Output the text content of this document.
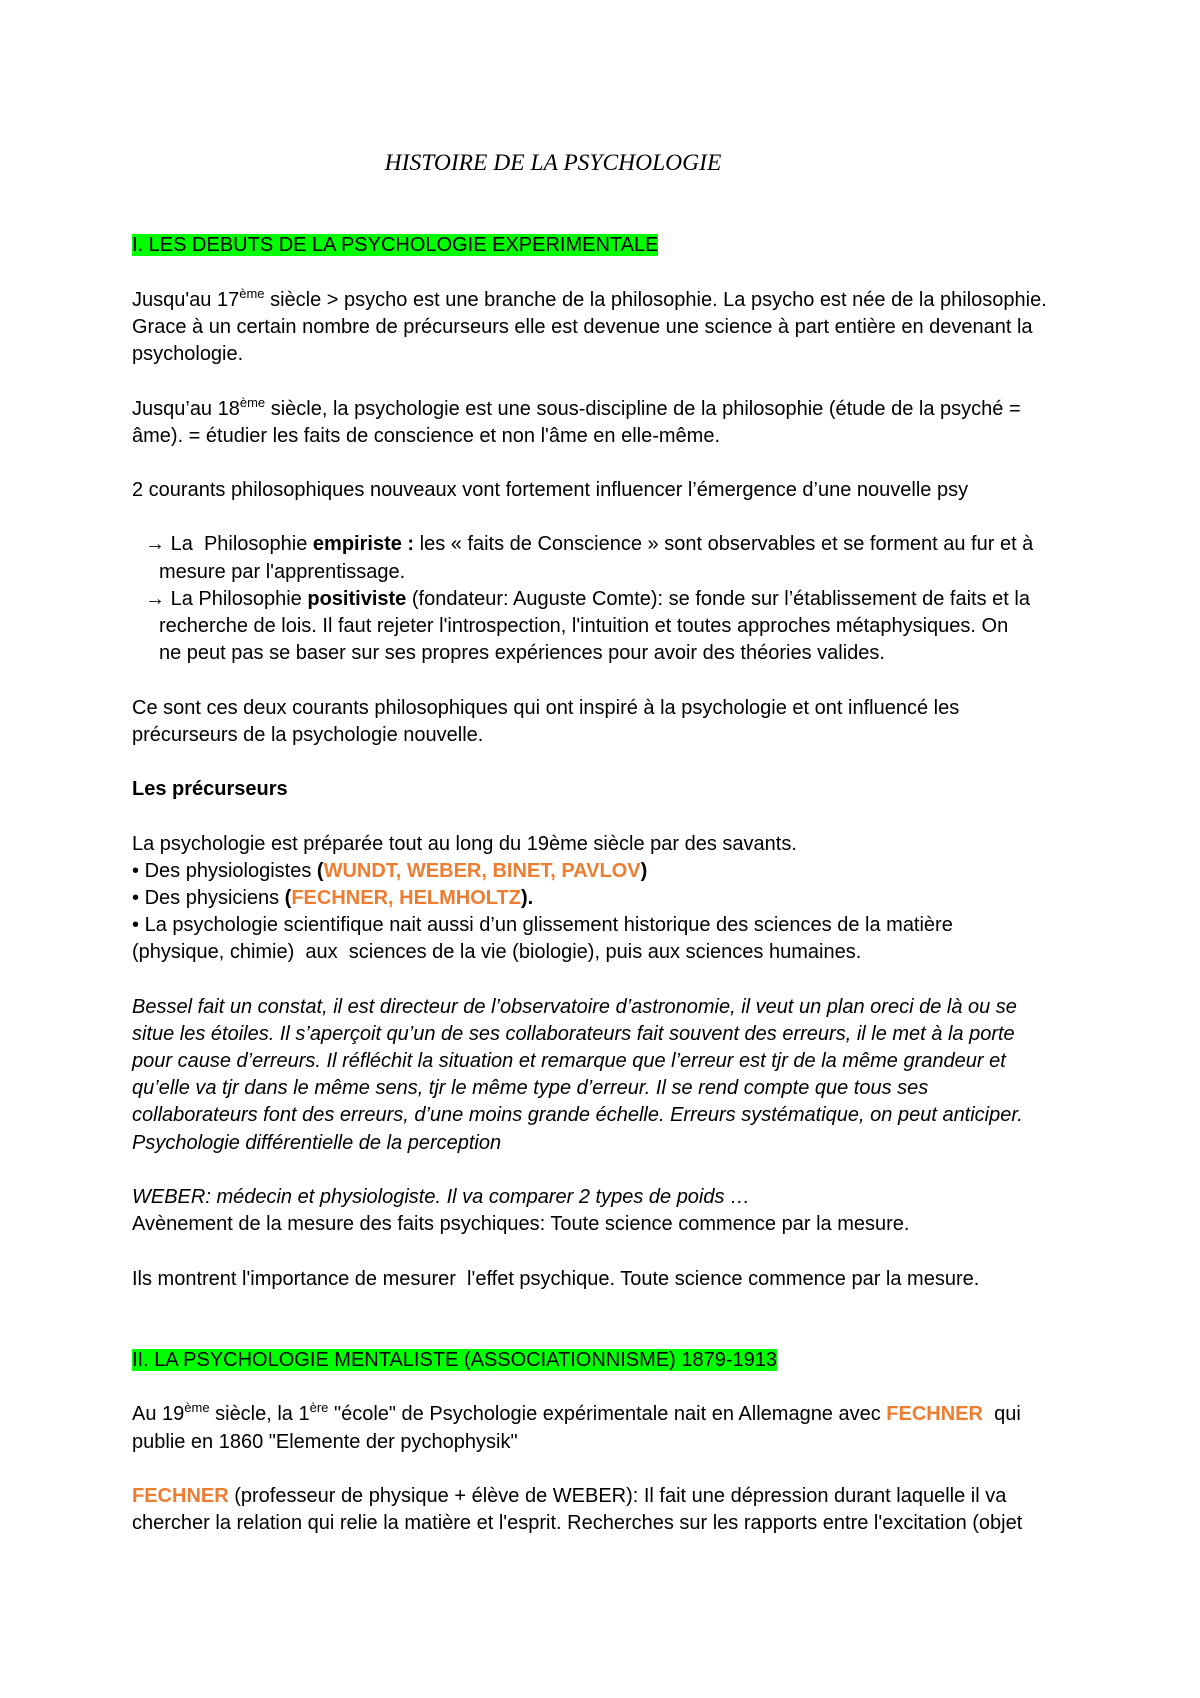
HISTOIRE DE LA PSYCHOLOGIE
I. LES DEBUTS DE LA PSYCHOLOGIE EXPERIMENTALE
Jusqu'au 17ème siècle > psycho est une branche de la philosophie. La psycho est née de la philosophie.
Grace à un certain nombre de précurseurs elle est devenue une science à part entière en devenant la
psychologie.
Jusqu’au 18ème siècle, la psychologie est une sous-discipline de la philosophie (étude de la psyché =
âme). = étudier les faits de conscience et non l'âme en elle-même.
2 courants philosophiques nouveaux vont fortement influencer l’émergence d’une nouvelle psy
→ La  Philosophie empiriste : les « faits de Conscience » sont observables et se forment au fur et à
mesure par l'apprentissage.
→ La Philosophie positiviste (fondateur: Auguste Comte): se fonde sur l’établissement de faits et la
recherche de lois. Il faut rejeter l'introspection, l'intuition et toutes approches métaphysiques. On
ne peut pas se baser sur ses propres expériences pour avoir des théories valides.
Ce sont ces deux courants philosophiques qui ont inspiré à la psychologie et ont influencé les
précurseurs de la psychologie nouvelle.
Les précurseurs
La psychologie est préparée tout au long du 19ème siècle par des savants.
• Des physiologistes (WUNDT, WEBER, BINET, PAVLOV)
• Des physiciens (FECHNER, HELMHOLTZ).
• La psychologie scientifique nait aussi d’un glissement historique des sciences de la matière
(physique, chimie)  aux  sciences de la vie (biologie), puis aux sciences humaines.
Bessel fait un constat, il est directeur de l’observatoire d’astronomie, il veut un plan oreci de là ou se
situe les étoiles. Il s’aperçoit qu’un de ses collaborateurs fait souvent des erreurs, il le met à la porte
pour cause d’erreurs. Il réfléchit la situation et remarque que l’erreur est tjr de la même grandeur et
qu’elle va tjr dans le même sens, tjr le même type d’erreur. Il se rend compte que tous ses
collaborateurs font des erreurs, d’une moins grande échelle. Erreurs systématique, on peut anticiper.
Psychologie différentielle de la perception
WEBER: médecin et physiologiste. Il va comparer 2 types de poids …
Avènement de la mesure des faits psychiques: Toute science commence par la mesure.
Ils montrent l'importance de mesurer  l'effet psychique. Toute science commence par la mesure.
II. LA PSYCHOLOGIE MENTALISTE (ASSOCIATIONNISME) 1879-1913
Au 19ème siècle, la 1ère "école" de Psychologie expérimentale nait en Allemagne avec FECHNER  qui
publie en 1860 "Elemente der pychophysik"
FECHNER (professeur de physique + élève de WEBER): Il fait une dépression durant laquelle il va
chercher la relation qui relie la matière et l'esprit. Recherches sur les rapports entre l'excitation (objet
